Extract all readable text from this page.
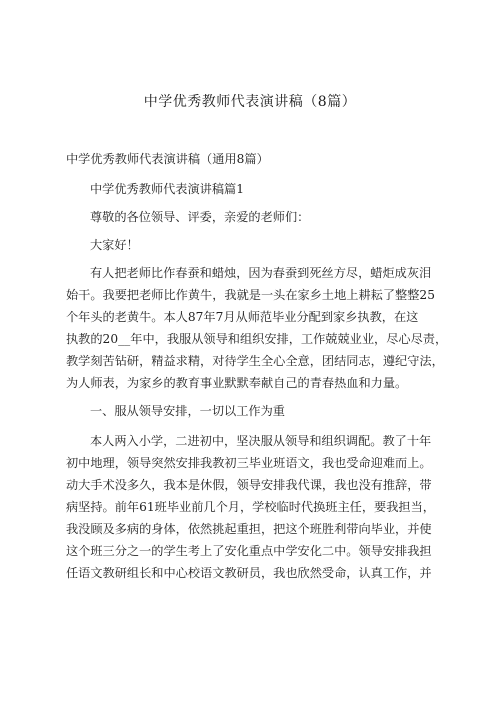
中学优秀教师代表演讲稿（8篇）
中学优秀教师代表演讲稿（通用8篇）
中学优秀教师代表演讲稿篇1
尊敬的各位领导、评委，亲爱的老师们：
大家好！
有人把老师比作春蚕和蜡烛，因为春蚕到死丝方尽，蜡炬成灰泪
始干。我要把老师比作黄牛，我就是一头在家乡土地上耕耘了整整25
个年头的老黄牛。本人87年7月从师范毕业分配到家乡执教，在这
执教的20__年中，我服从领导和组织安排，工作兢兢业业，尽心尽责，
教学刻苦钻研，精益求精，对待学生全心全意，团结同志，遵纪守法，
为人师表，为家乡的教育事业默默奉献自己的青春热血和力量。
一、服从领导安排，一切以工作为重
本人两入小学，二进初中，坚决服从领导和组织调配。教了十年
初中地理，领导突然安排我教初三毕业班语文，我也受命迎难而上。
动大手术没多久，我本是休假，领导安排我代课，我也没有推辞，带
病坚持。前年61班毕业前几个月，学校临时代换班主任，要我担当，
我没顾及多病的身体，依然挑起重担，把这个班胜利带向毕业，并使
这个班三分之一的学生考上了安化重点中学安化二中。领导安排我担
任语文教研组长和中心校语文教研员，我也欣然受命，认真工作，并
